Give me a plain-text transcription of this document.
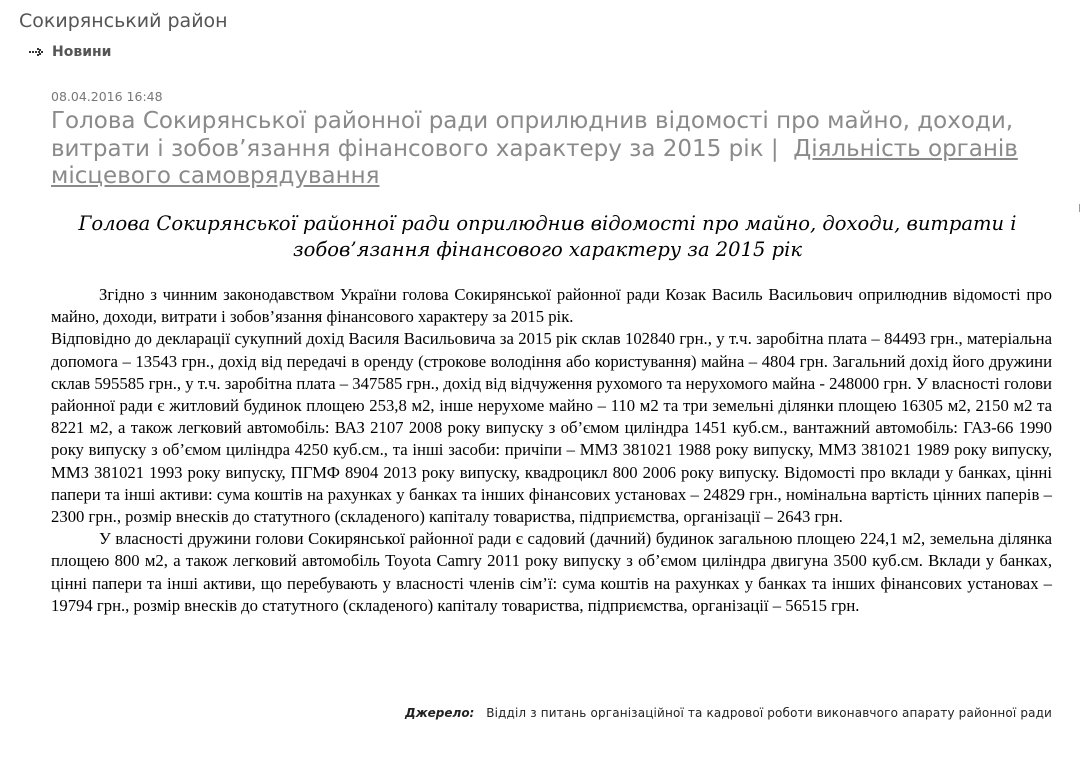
Сокирянський район
Новини
08.04.2016 16:48
Голова Сокирянської районної ради оприлюднив відомості про майно, доходи, витрати і зобов’язання фінансового характеру за 2015 рік | Діяльність органів місцевого самоврядування
Голова Сокирянської районної ради оприлюднив відомості про майно, доходи, витрати і зобов’язання фінансового характеру за 2015 рік

Згідно з чинним законодавством України голова Сокирянської районної ради Козак Василь Васильович оприлюднив відомості про майно, доходи, витрати і зобов’язання фінансового характеру за 2015 рік.

Відповідно до декларації сукупний дохід Василя Васильовича за 2015 рік склав 102840 грн., у т.ч. заробітна плата – 84493 грн., матеріальна допомога – 13543 грн., дохід від передачі в оренду (строкове володіння або користування) майна – 4804 грн. Загальний дохід його дружини склав 595585 грн., у т.ч. заробітна плата – 347585 грн., дохід від відчуження рухомого та нерухомого майна - 248000 грн. У власності голови районної ради є житловий будинок площею 253,8 м2, інше нерухоме майно – 110 м2 та три земельні ділянки площею 16305 м2, 2150 м2 та 8221 м2, а також легковий автомобіль: ВАЗ 2107 2008 року випуску з об’ємом циліндра 1451 куб.см., вантажний автомобіль: ГАЗ-66 1990 року випуску з об’ємом циліндра 4250 куб.см., та інші засоби: причіпи – ММЗ 381021 1988 року випуску, ММЗ 381021 1989 року випуску, ММЗ 381021 1993 року випуску, ПГМФ 8904 2013 року випуску, квадроцикл 800 2006 року випуску. Відомості про вклади у банках, цінні папери та інші активи: сума коштів на рахунках у банках та інших фінансових установах – 24829 грн., номінальна вартість цінних паперів – 2300 грн., розмір внесків до статутного (складеного) капіталу товариства, підприємства, організації – 2643 грн.

У власності дружини голови Сокирянської районної ради є садовий (дачний) будинок загальною площею 224,1 м2, земельна ділянка площею 800 м2, а також легковий автомобіль Toyota Camry 2011 року випуску з об’ємом циліндра двигуна 3500 куб.см. Вклади у банках, цінні папери та інші активи, що перебувають у власності членів сім’ї: сума коштів на рахунках у банках та інших фінансових установах – 19794 грн., розмір внесків до статутного (складеного) капіталу товариства, підприємства, організації – 56515 грн.

Джерело: Відділ з питань організаційної та кадрової роботи виконавчого апарату районної ради
